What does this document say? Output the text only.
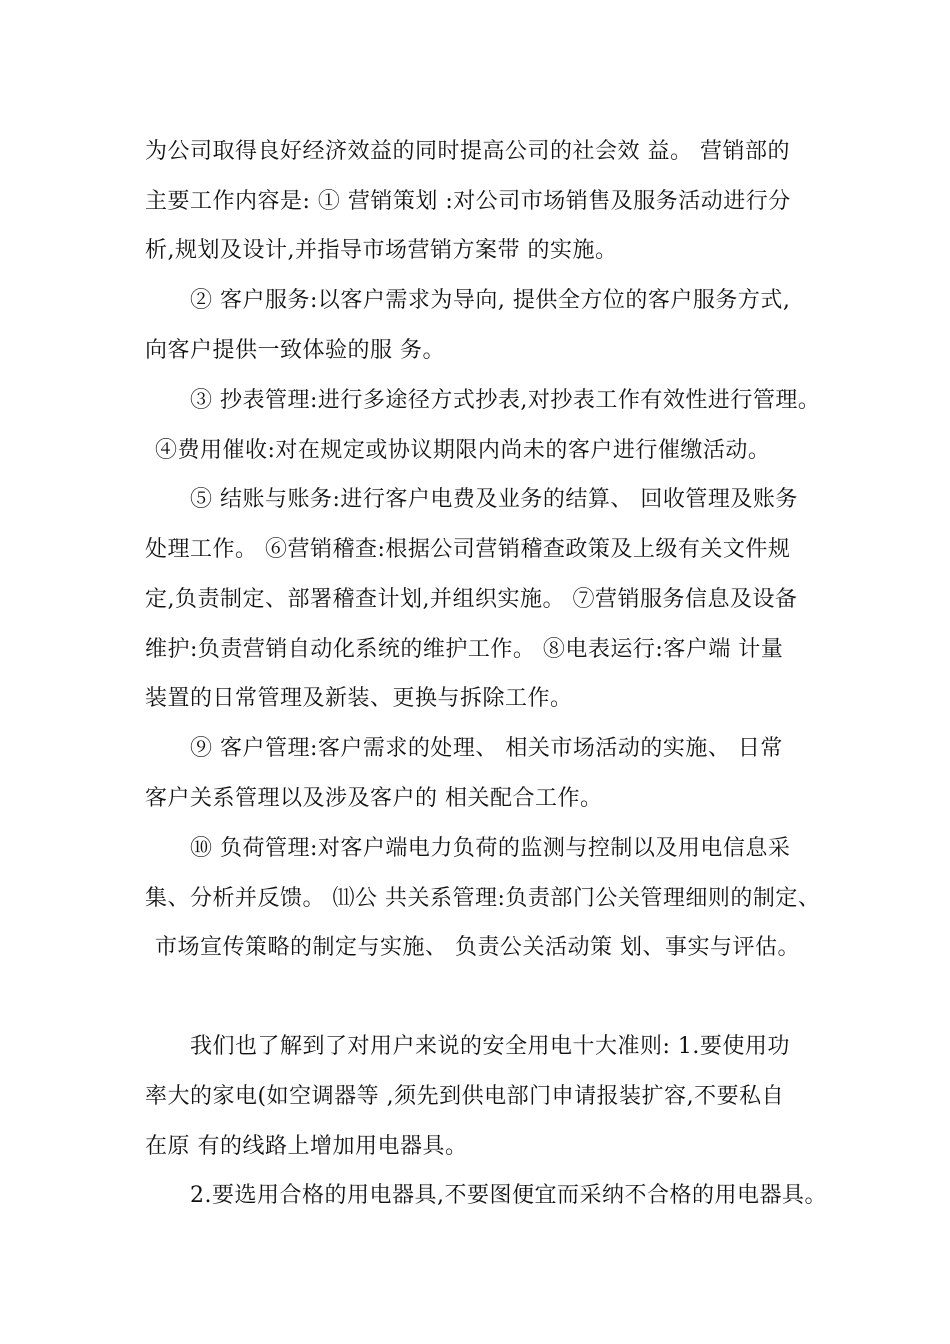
为公司取得良好经济效益的同时提高公司的社会效 益。 营销部的
主要工作内容是: ① 营销策划 :对公司市场销售及服务活动进行分
析,规划及设计,并指导市场营销方案带 的实施。
② 客户服务:以客户需求为导向, 提供全方位的客户服务方式,
向客户提供一致体验的服 务。
③ 抄表管理:进行多途径方式抄表,对抄表工作有效性进行管理。
④费用催收:对在规定或协议期限内尚未的客户进行催缴活动。
⑤ 结账与账务:进行客户电费及业务的结算、 回收管理及账务
处理工作。 ⑥营销稽查:根据公司营销稽查政策及上级有关文件规
定,负责制定、部署稽查计划,并组织实施。 ⑦营销服务信息及设备
维护:负责营销自动化系统的维护工作。 ⑧电表运行:客户端 计量
装置的日常管理及新装、更换与拆除工作。
⑨ 客户管理:客户需求的处理、 相关市场活动的实施、 日常
客户关系管理以及涉及客户的 相关配合工作。
⑩ 负荷管理:对客户端电力负荷的监测与控制以及用电信息采
集、分析并反馈。 ⑾公 共关系管理:负责部门公关管理细则的制定、
市场宣传策略的制定与实施、 负责公关活动策 划、事实与评估。
我们也了解到了对用户来说的安全用电十大准则: 1.要使用功
率大的家电(如空调器等 ,须先到供电部门申请报装扩容,不要私自
在原 有的线路上增加用电器具。
2.要选用合格的用电器具,不要图便宜而采纳不合格的用电器具。
